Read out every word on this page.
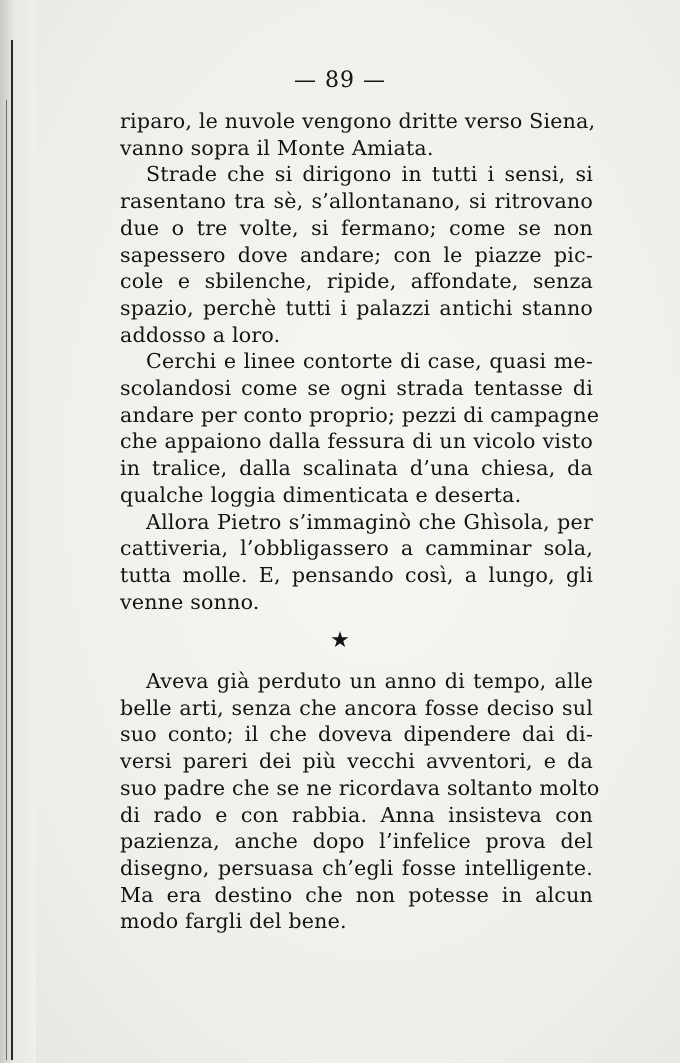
— 89 —
riparo, le nuvole vengono dritte verso Siena,
vanno sopra il Monte Amiata.
Strade che si dirigono in tutti i sensi, si
rasentano tra sè, s’allontanano, si ritrovano
due o tre volte, si fermano; come se non
sapessero dove andare; con le piazze pic-
cole e sbilenche, ripide, affondate, senza
spazio, perchè tutti i palazzi antichi stanno
addosso a loro.
Cerchi e linee contorte di case, quasi me-
scolandosi come se ogni strada tentasse di
andare per conto proprio; pezzi di campagne
che appaiono dalla fessura di un vicolo visto
in tralice, dalla scalinata d’una chiesa, da
qualche loggia dimenticata e deserta.
Allora Pietro s’immaginò che Ghìsola, per
cattiveria, l’obbligassero a camminar sola,
tutta molle. E, pensando così, a lungo, gli
venne sonno.
★
Aveva già perduto un anno di tempo, alle
belle arti, senza che ancora fosse deciso sul
suo conto; il che doveva dipendere dai di-
versi pareri dei più vecchi avventori, e da
suo padre che se ne ricordava soltanto molto
di rado e con rabbia. Anna insisteva con
pazienza, anche dopo l’infelice prova del
disegno, persuasa ch’egli fosse intelligente.
Ma era destino che non potesse in alcun
modo fargli del bene.
